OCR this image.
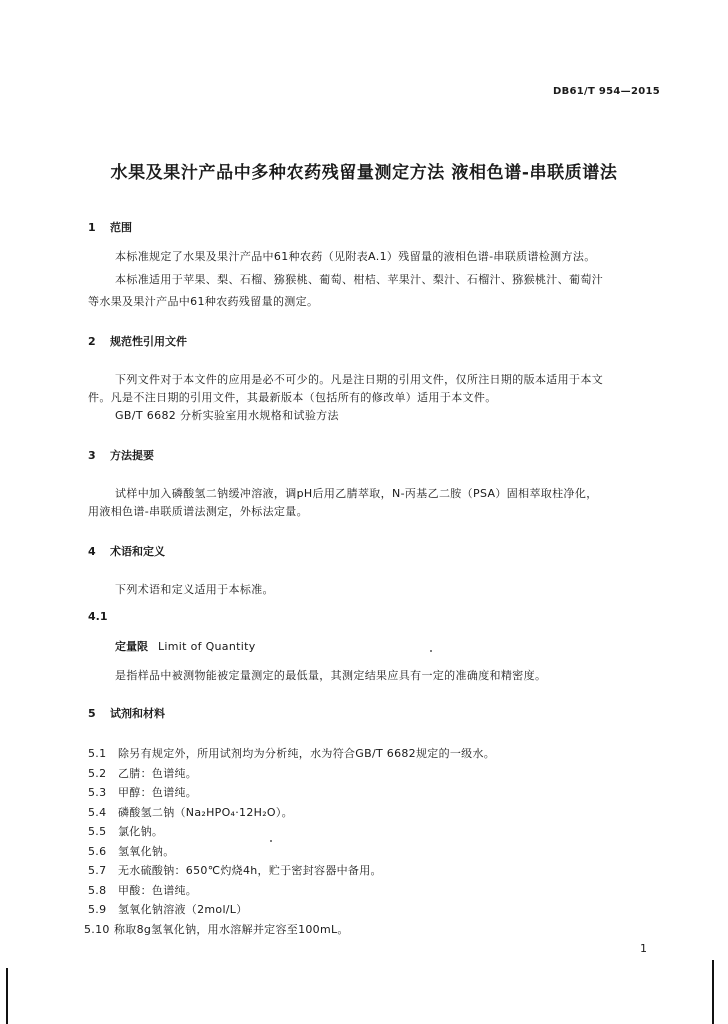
DB61/T 954—2015
水果及果汁产品中多种农药残留量测定方法 液相色谱-串联质谱法
1 范围
本标准规定了水果及果汁产品中61种农药（见附表A.1）残留量的液相色谱-串联质谱检测方法。
本标准适用于苹果、梨、石榴、猕猴桃、葡萄、柑桔、苹果汁、梨汁、石榴汁、猕猴桃汁、葡萄汁
等水果及果汁产品中61种农药残留量的测定。
2 规范性引用文件
下列文件对于本文件的应用是必不可少的。凡是注日期的引用文件，仅所注日期的版本适用于本文
件。凡是不注日期的引用文件，其最新版本（包括所有的修改单）适用于本文件。
GB/T 6682 分析实验室用水规格和试验方法
3 方法提要
试样中加入磷酸氢二钠缓冲溶液，调pH后用乙腈萃取，N-丙基乙二胺（PSA）固相萃取柱净化，
用液相色谱-串联质谱法测定，外标法定量。
4 术语和定义
下列术语和定义适用于本标准。
4.1
定量限 Limit of Quantity
是指样品中被测物能被定量测定的最低量，其测定结果应具有一定的准确度和精密度。
5 试剂和材料
5.1 除另有规定外，所用试剂均为分析纯，水为符合GB/T 6682规定的一级水。
5.2 乙腈：色谱纯。
5.3 甲醇：色谱纯。
5.4 磷酸氢二钠（Na₂HPO₄·12H₂O）。
5.5 氯化钠。
5.6 氢氧化钠。
5.7 无水硫酸钠：650℃灼烧4h，贮于密封容器中备用。
5.8 甲酸：色谱纯。
5.9 氢氧化钠溶液（2mol/L）
5.10 称取8g氢氧化钠，用水溶解并定容至100mL。
1
